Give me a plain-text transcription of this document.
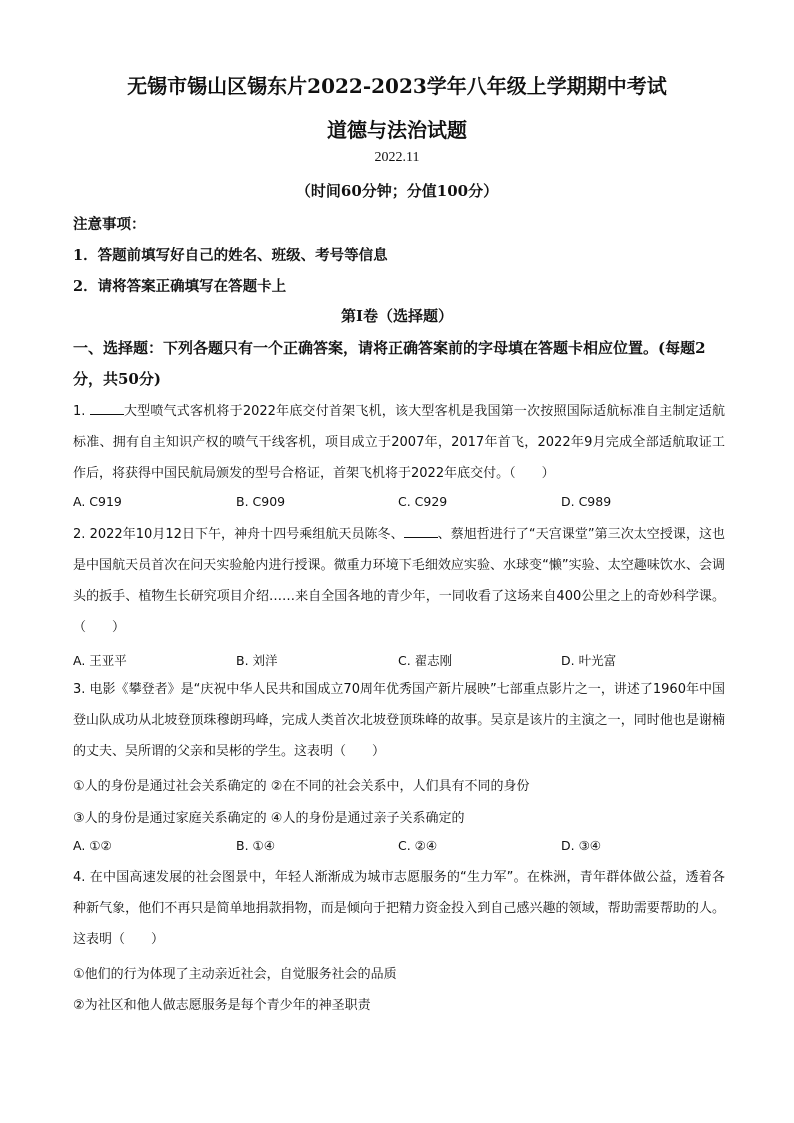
无锡市锡山区锡东片2022-2023学年八年级上学期期中考试
道德与法治试题
2022.11
（时间60分钟；分值100分）
注意事项：
1．答题前填写好自己的姓名、班级、考号等信息
2．请将答案正确填写在答题卡上
第I卷（选择题）
一、选择题：下列各题只有一个正确答案，请将正确答案前的字母填在答题卡相应位置。(每题2分，共50分)
1.	大型喷气式客机将于2022年底交付首架飞机，该大型客机是我国第一次按照国际适航标准自主制定适航标准、拥有自主知识产权的喷气干线客机，项目成立于2007年，2017年首飞，2022年9月完成全部适航取证工作后，将获得中国民航局颁发的型号合格证，首架飞机将于2022年底交付。（　　）
A. C919	B. C909	C. C929	D. C989
2. 2022年10月12日下午，神舟十四号乘组航天员陈冬、	、蔡旭哲进行了“天宫课堂”第三次太空授课，这也是中国航天员首次在问天实验舱内进行授课。微重力环境下毛细效应实验、水球变“懒”实验、太空趣味饮水、会调头的扳手、植物生长研究项目介绍……来自全国各地的青少年，一同收看了这场来自400公里之上的奇妙科学课。（　　）
A. 王亚平	B. 刘洋	C. 翟志刚	D. 叶光富
3. 电影《攀登者》是“庆祝中华人民共和国成立70周年优秀国产新片展映”七部重点影片之一，讲述了1960年中国登山队成功从北坡登顶珠穆朗玛峰，完成人类首次北坡登顶珠峰的故事。吴京是该片的主演之一，同时他也是谢楠的丈夫、吴所谓的父亲和吴彬的学生。这表明（　　）
①人的身份是通过社会关系确定的 ②在不同的社会关系中，人们具有不同的身份
③人的身份是通过家庭关系确定的 ④人的身份是通过亲子关系确定的
A. ①②	B. ①④	C. ②④	D. ③④
4. 在中国高速发展的社会图景中，年轻人渐渐成为城市志愿服务的“生力军”。在株洲，青年群体做公益，透着各种新气象，他们不再只是简单地捐款捐物，而是倾向于把精力资金投入到自己感兴趣的领域，帮助需要帮助的人。这表明（　　）
①他们的行为体现了主动亲近社会，自觉服务社会的品质
②为社区和他人做志愿服务是每个青少年的神圣职责
